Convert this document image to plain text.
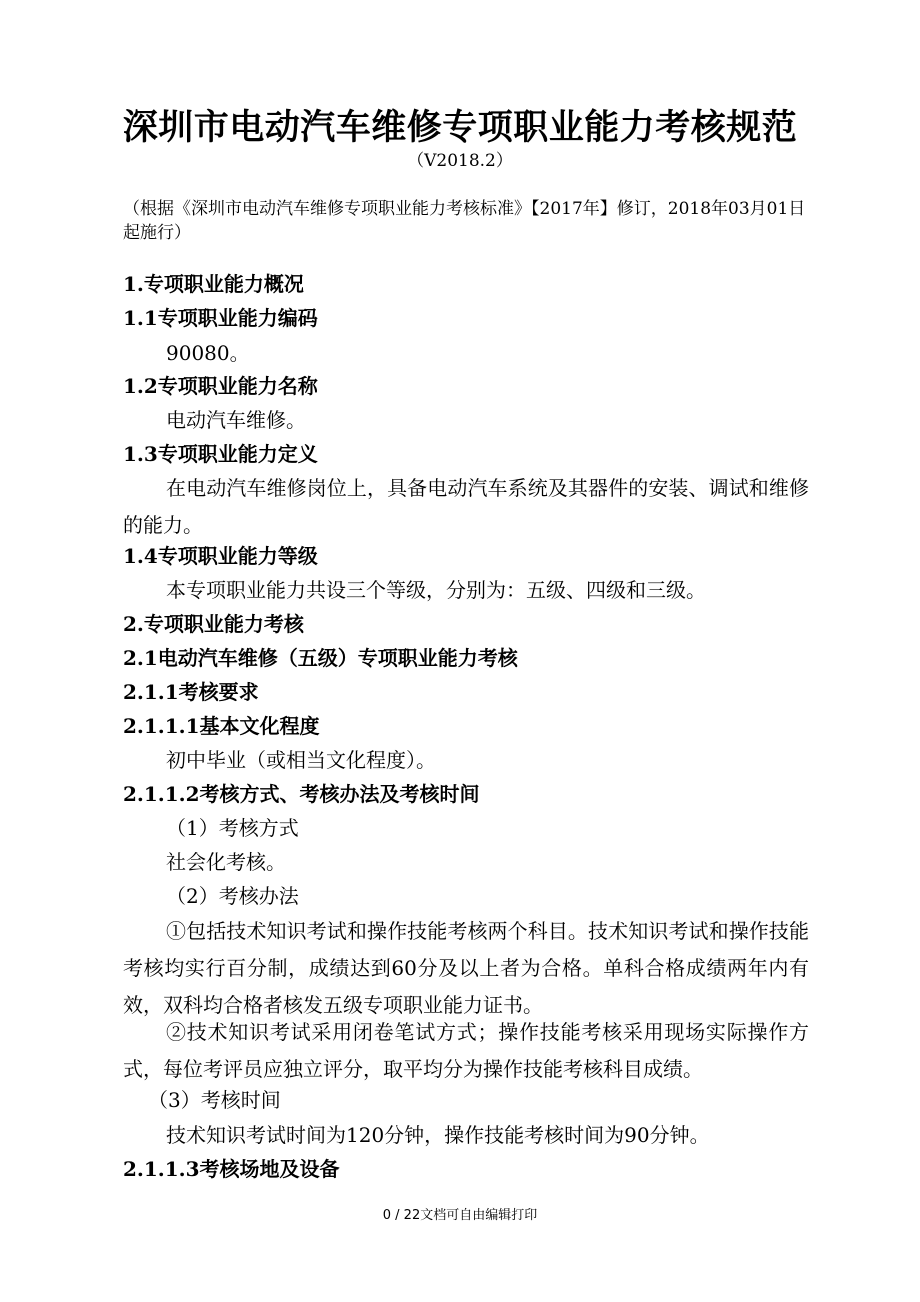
深圳市电动汽车维修专项职业能力考核规范
（V2018.2）
（根据《深圳市电动汽车维修专项职业能力考核标准》【2017年】修订，2018年03月01日起施行）
1.专项职业能力概况
1.1专项职业能力编码
90080。
1.2专项职业能力名称
电动汽车维修。
1.3专项职业能力定义
在电动汽车维修岗位上，具备电动汽车系统及其器件的安装、调试和维修的能力。
1.4专项职业能力等级
本专项职业能力共设三个等级，分别为：五级、四级和三级。
2.专项职业能力考核
2.1电动汽车维修（五级）专项职业能力考核
2.1.1考核要求
2.1.1.1基本文化程度
初中毕业（或相当文化程度）。
2.1.1.2考核方式、考核办法及考核时间
（1）考核方式
社会化考核。
（2）考核办法
①包括技术知识考试和操作技能考核两个科目。技术知识考试和操作技能考核均实行百分制，成绩达到60分及以上者为合格。单科合格成绩两年内有效，双科均合格者核发五级专项职业能力证书。
②技术知识考试采用闭卷笔试方式；操作技能考核采用现场实际操作方式，每位考评员应独立评分，取平均分为操作技能考核科目成绩。
（3）考核时间
技术知识考试时间为120分钟，操作技能考核时间为90分钟。
2.1.1.3考核场地及设备
0 / 22文档可自由编辑打印
